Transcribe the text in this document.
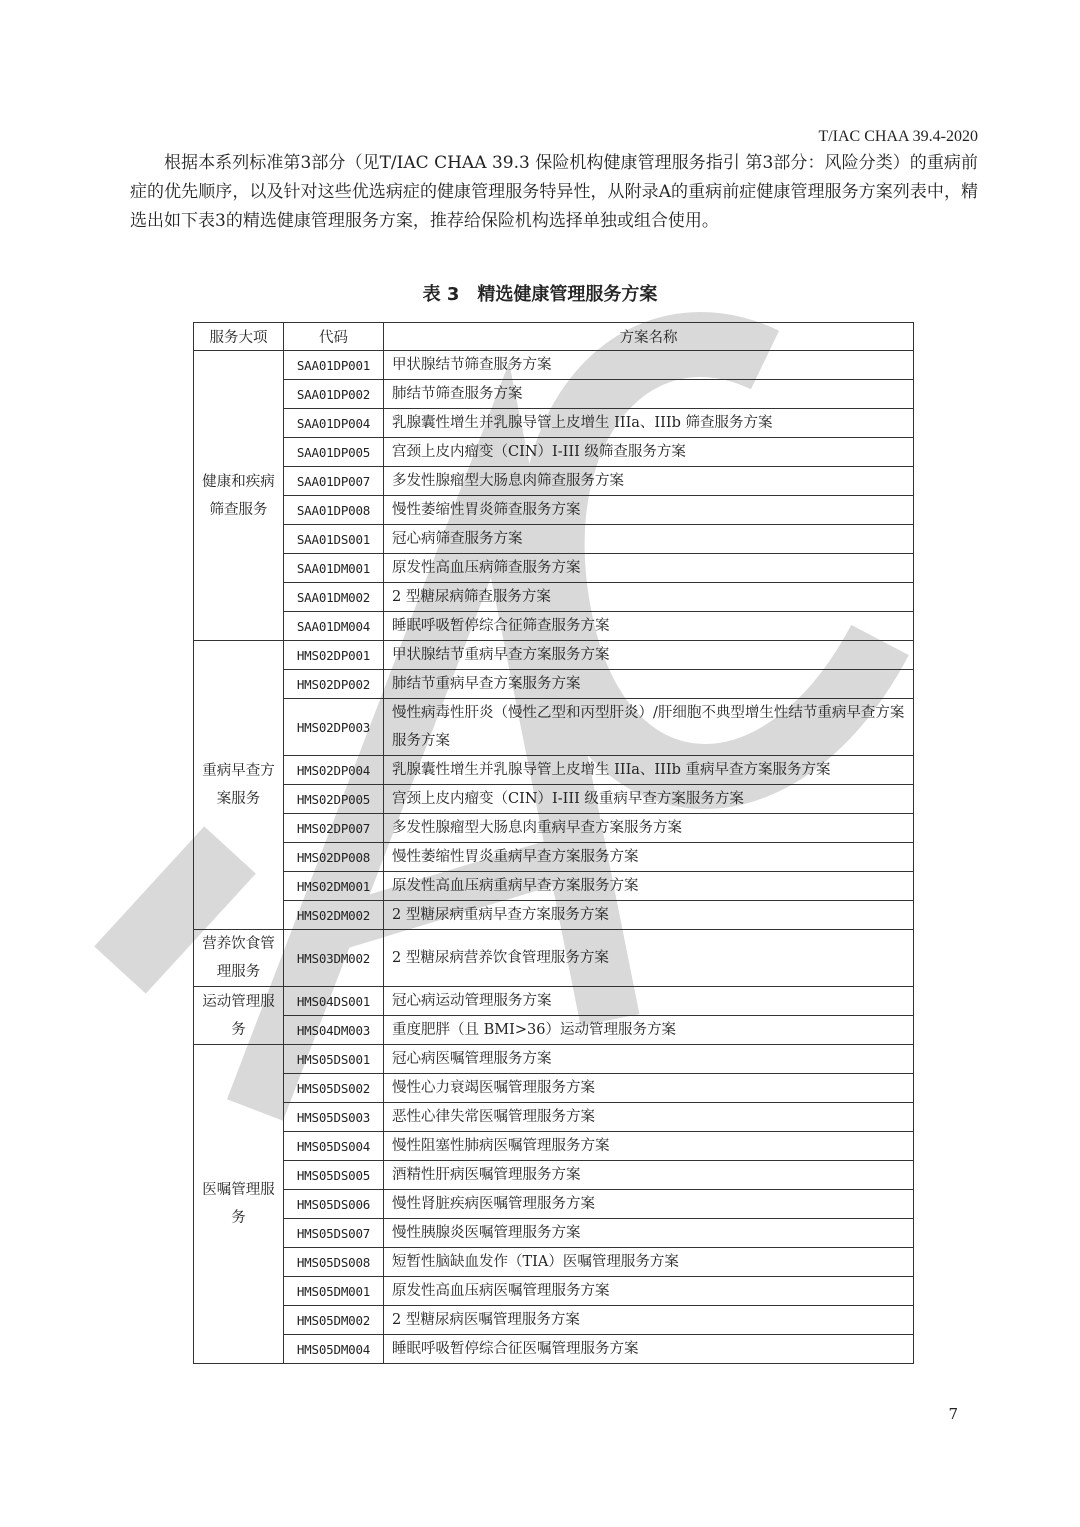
T/IAC CHAA 39.4-2020

根据本系列标准第3部分（见T/IAC CHAA 39.3 保险机构健康管理服务指引 第3部分：风险分类）的重病前症的优先顺序，以及针对这些优选病症的健康管理服务特异性，从附录A的重病前症健康管理服务方案列表中，精选出如下表3的精选健康管理服务方案，推荐给保险机构选择单独或组合使用。

表 3　精选健康管理服务方案
服务大项	代码	方案名称
健康和疾病筛查服务	SAA01DP001	甲状腺结节筛查服务方案
	SAA01DP002	肺结节筛查服务方案
	SAA01DP004	乳腺囊性增生并乳腺导管上皮增生 IIIa、IIIb 筛查服务方案
	SAA01DP005	宫颈上皮内瘤变（CIN）I-III 级筛查服务方案
	SAA01DP007	多发性腺瘤型大肠息肉筛查服务方案
	SAA01DP008	慢性萎缩性胃炎筛查服务方案
	SAA01DS001	冠心病筛查服务方案
	SAA01DM001	原发性高血压病筛查服务方案
	SAA01DM002	2 型糖尿病筛查服务方案
	SAA01DM004	睡眠呼吸暂停综合征筛查服务方案
重病早查方案服务	HMS02DP001	甲状腺结节重病早查方案服务方案
	HMS02DP002	肺结节重病早查方案服务方案
	HMS02DP003	慢性病毒性肝炎（慢性乙型和丙型肝炎）/肝细胞不典型增生性结节重病早查方案服务方案
	HMS02DP004	乳腺囊性增生并乳腺导管上皮增生 IIIa、IIIb 重病早查方案服务方案
	HMS02DP005	宫颈上皮内瘤变（CIN）I-III 级重病早查方案服务方案
	HMS02DP007	多发性腺瘤型大肠息肉重病早查方案服务方案
	HMS02DP008	慢性萎缩性胃炎重病早查方案服务方案
	HMS02DM001	原发性高血压病重病早查方案服务方案
	HMS02DM002	2 型糖尿病重病早查方案服务方案
营养饮食管理服务	HMS03DM002	2 型糖尿病营养饮食管理服务方案
运动管理服务	HMS04DS001	冠心病运动管理服务方案
	HMS04DM003	重度肥胖（且 BMI>36）运动管理服务方案
医嘱管理服务	HMS05DS001	冠心病医嘱管理服务方案
	HMS05DS002	慢性心力衰竭医嘱管理服务方案
	HMS05DS003	恶性心律失常医嘱管理服务方案
	HMS05DS004	慢性阻塞性肺病医嘱管理服务方案
	HMS05DS005	酒精性肝病医嘱管理服务方案
	HMS05DS006	慢性肾脏疾病医嘱管理服务方案
	HMS05DS007	慢性胰腺炎医嘱管理服务方案
	HMS05DS008	短暂性脑缺血发作（TIA）医嘱管理服务方案
	HMS05DM001	原发性高血压病医嘱管理服务方案
	HMS05DM002	2 型糖尿病医嘱管理服务方案
	HMS05DM004	睡眠呼吸暂停综合征医嘱管理服务方案
7
